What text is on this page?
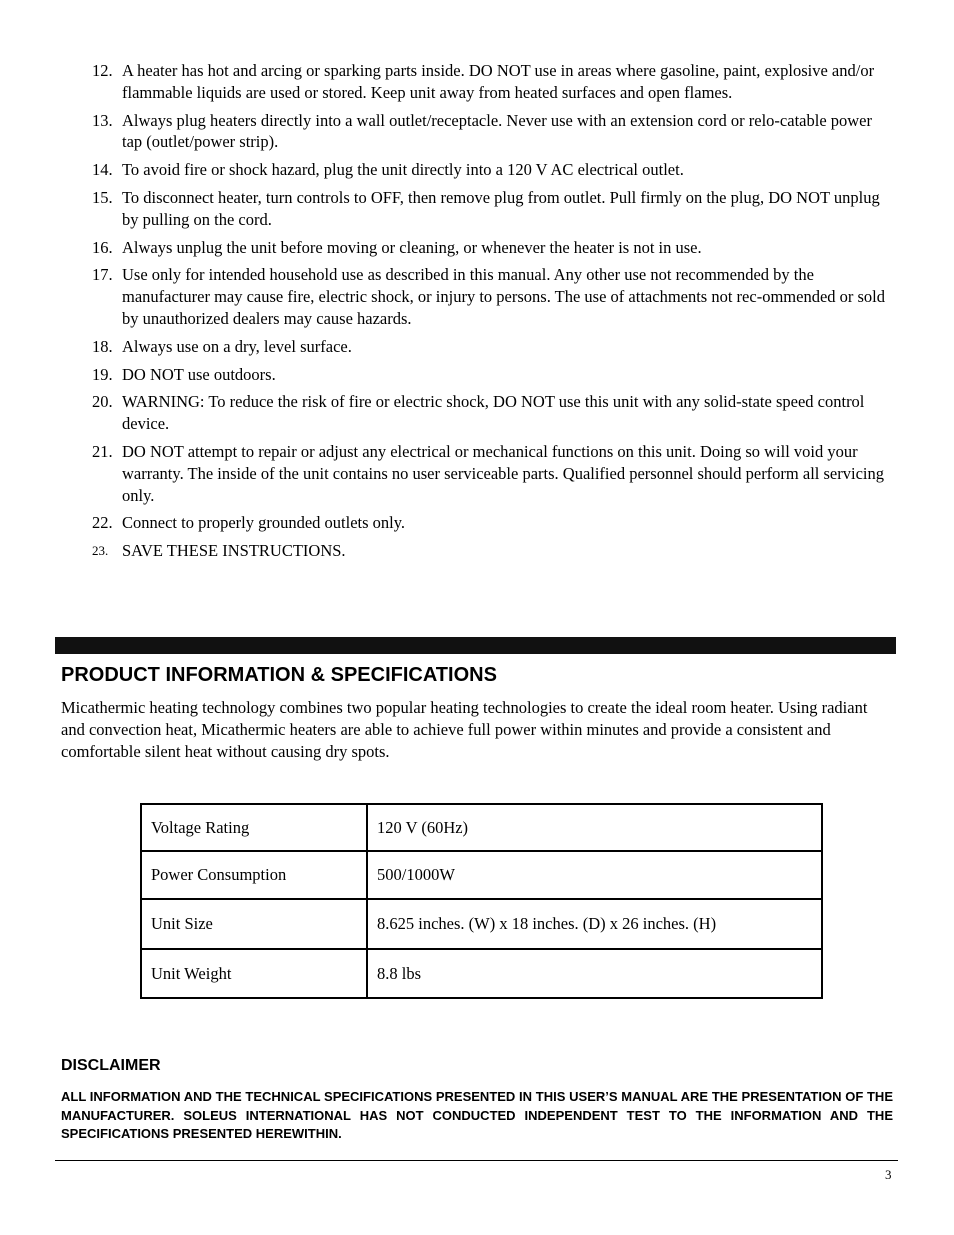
12. A heater has hot and arcing or sparking parts inside. DO NOT use in areas where gasoline, paint, explosive and/or flammable liquids are used or stored. Keep unit away from heated surfaces and open flames.
13. Always plug heaters directly into a wall outlet/receptacle. Never use with an extension cord or relo-catable power tap (outlet/power strip).
14. To avoid fire or shock hazard, plug the unit directly into a 120 V AC electrical outlet.
15. To disconnect heater, turn controls to OFF, then remove plug from outlet. Pull firmly on the plug, DO NOT unplug by pulling on the cord.
16. Always unplug the unit before moving or cleaning, or whenever the heater is not in use.
17. Use only for intended household use as described in this manual. Any other use not recommended by the manufacturer may cause fire, electric shock, or injury to persons. The use of attachments not rec-ommended or sold by unauthorized dealers may cause hazards.
18. Always use on a dry, level surface.
19. DO NOT use outdoors.
20. WARNING: To reduce the risk of fire or electric shock, DO NOT use this unit with any solid-state speed control device.
21. DO NOT attempt to repair or adjust any electrical or mechanical functions on this unit. Doing so will void your warranty. The inside of the unit contains no user serviceable parts. Qualified personnel should perform all servicing only.
22. Connect to properly grounded outlets only.
23. SAVE THESE INSTRUCTIONS.
PRODUCT INFORMATION & SPECIFICATIONS

Micathermic heating technology combines two popular heating technologies to create the ideal room heater. Using radiant and convection heat, Micathermic heaters are able to achieve full power within minutes and provide a consistent and comfortable silent heat without causing dry spots.

Voltage Rating	120 V (60Hz)
Power Consumption	500/1000W
Unit Size	8.625 inches. (W) x 18 inches. (D) x 26 inches. (H)
Unit Weight	8.8 lbs
DISCLAIMER

ALL INFORMATION AND THE TECHNICAL SPECIFICATIONS PRESENTED IN THIS USER’S MANUAL ARE THE PRESENTATION OF THE MANUFACTURER. SOLEUS INTERNATIONAL HAS NOT CONDUCTED INDEPENDENT TEST TO THE INFORMATION AND THE SPECIFICATIONS PRESENTED HEREWITHIN.

3
